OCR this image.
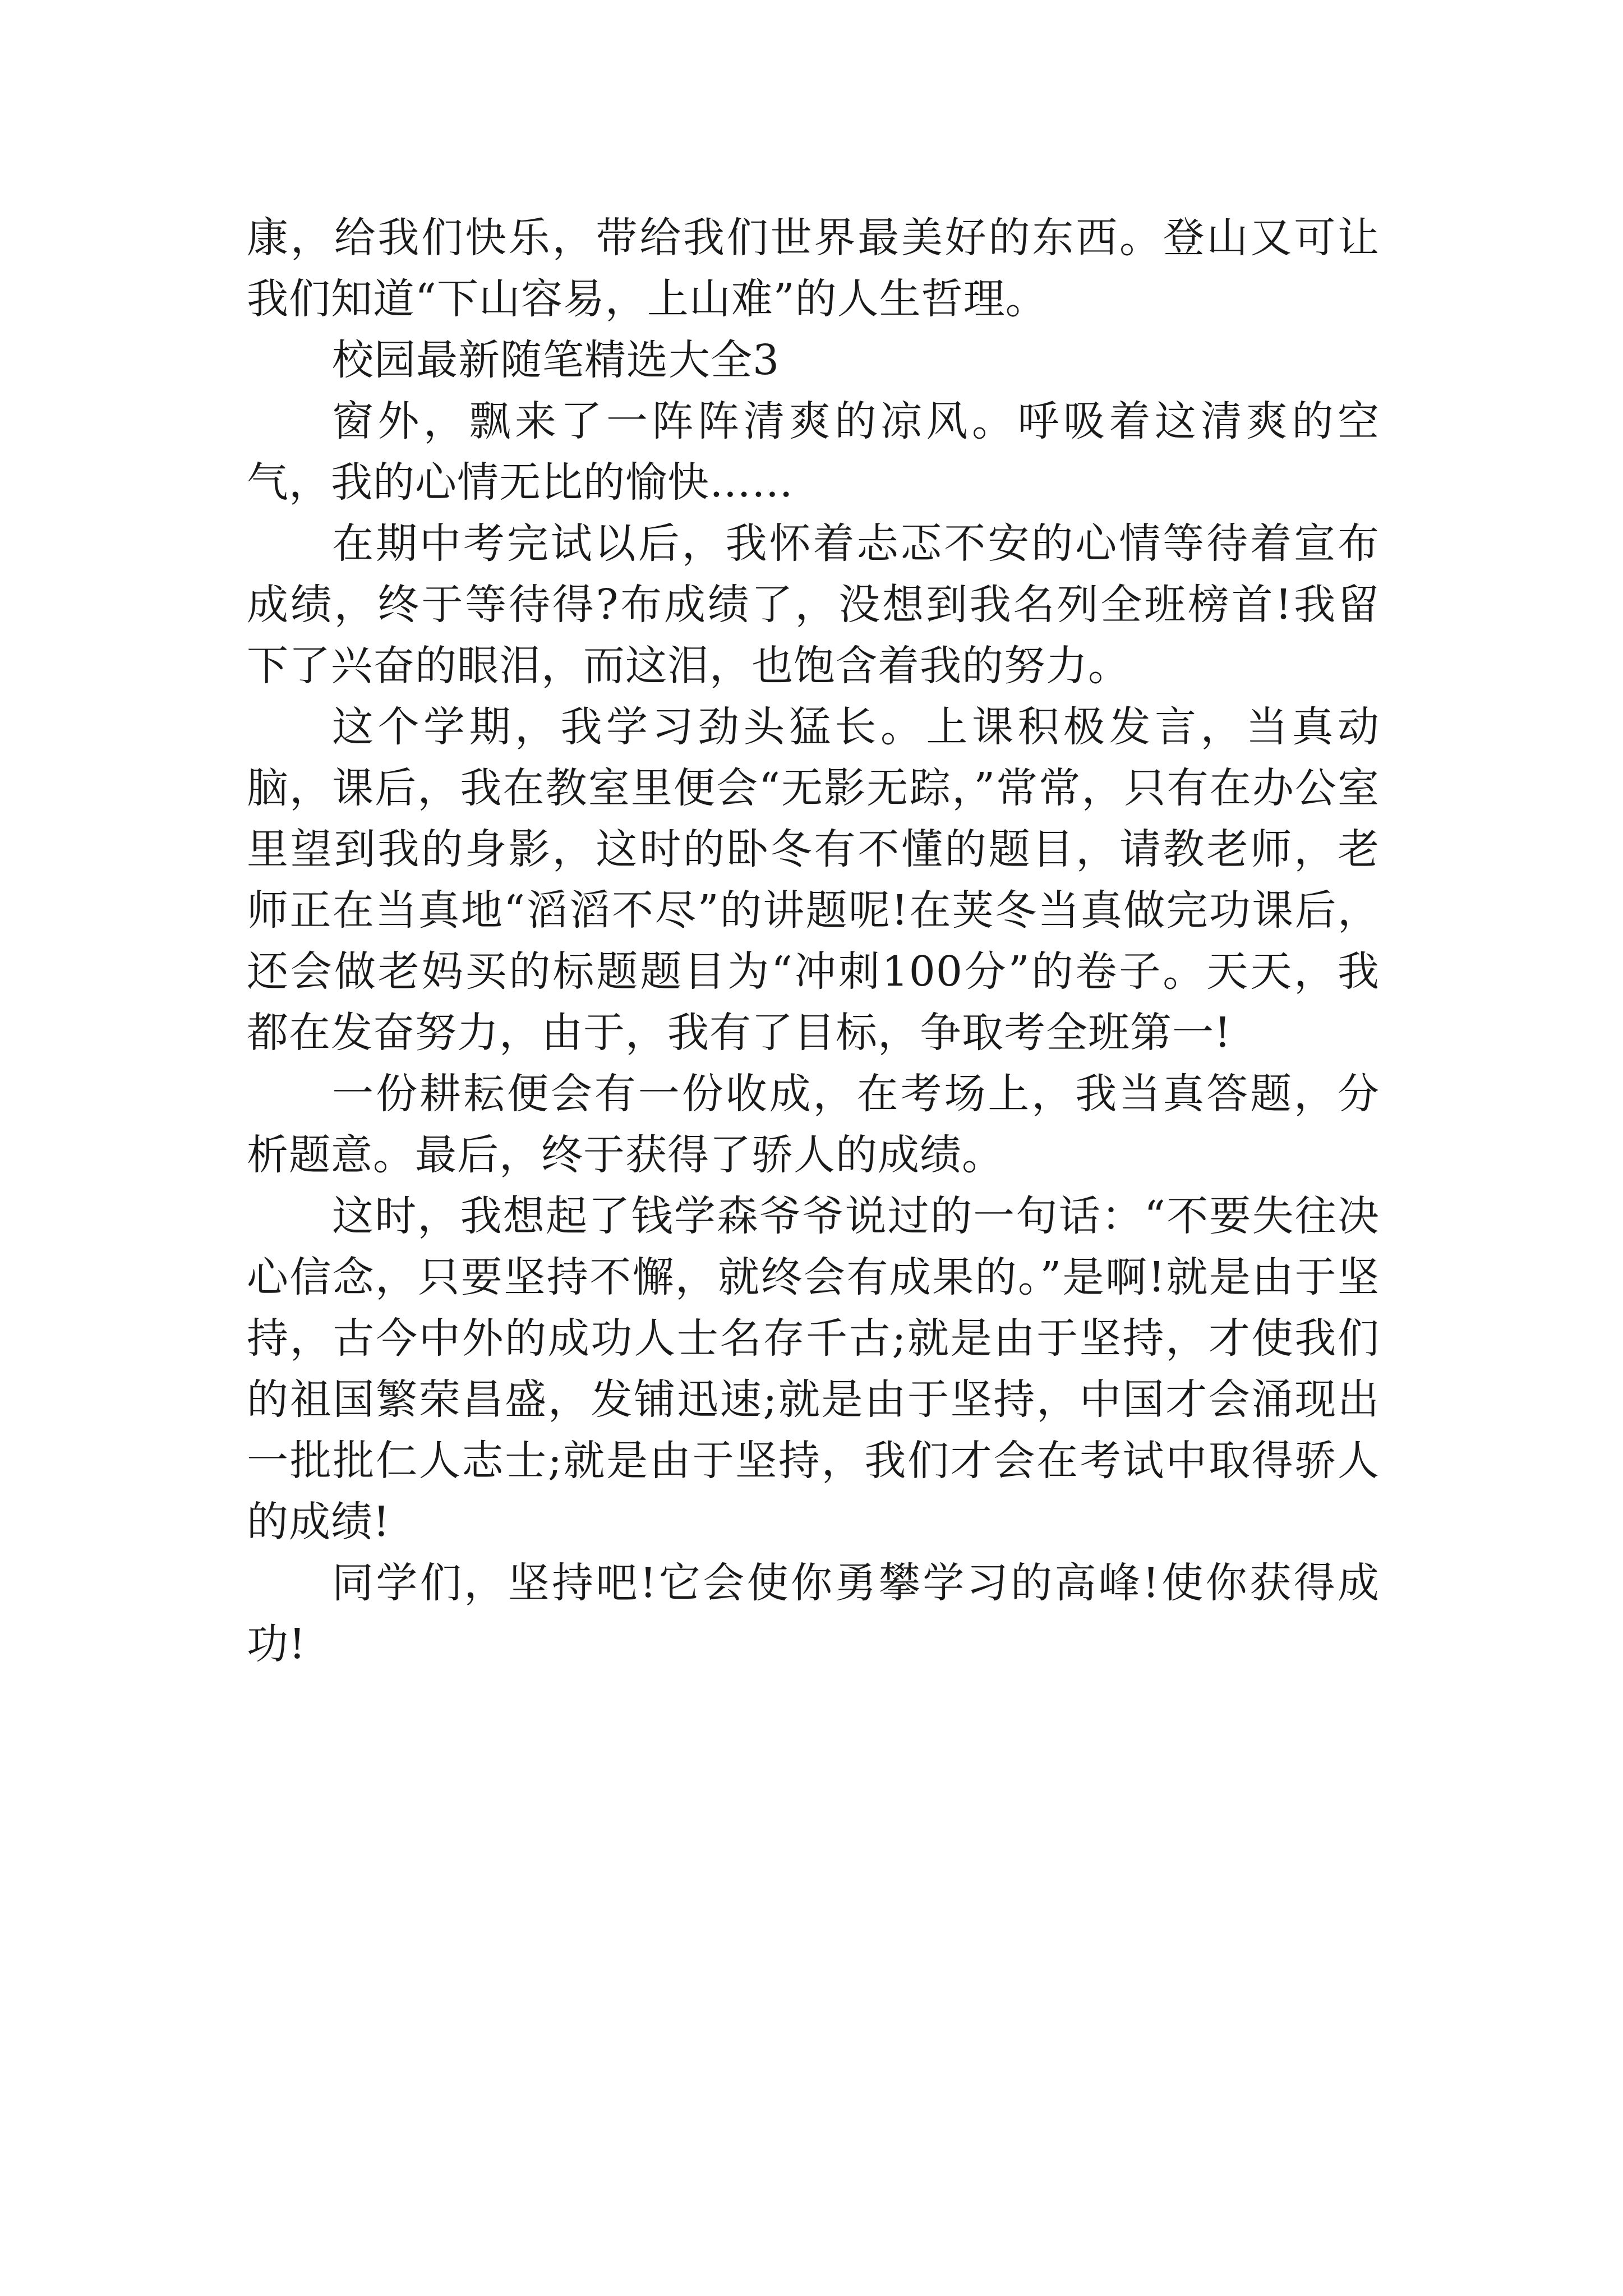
康，给我们快乐，带给我们世界最美好的东西。登山又可让我们知道“下山容易，上山难”的人生哲理。

校园最新随笔精选大全3

窗外，飘来了一阵阵清爽的凉风。呼吸着这清爽的空气，我的心情无比的愉快……

在期中考完试以后，我怀着忐忑不安的心情等待着宣布成绩，终于等待得?布成绩了，没想到我名列全班榜首!我留下了兴奋的眼泪，而这泪，也饱含着我的努力。

这个学期，我学习劲头猛长。上课积极发言，当真动脑，课后，我在教室里便会“无影无踪，”常常，只有在办公室里望到我的身影，这时的卧冬有不懂的题目，请教老师，老师正在当真地“滔滔不尽”的讲题呢!在荚冬当真做完功课后，还会做老妈买的标题题目为“冲刺100分”的卷子。天天，我都在发奋努力，由于，我有了目标，争取考全班第一!

一份耕耘便会有一份收成，在考场上，我当真答题，分析题意。最后，终于获得了骄人的成绩。

这时，我想起了钱学森爷爷说过的一句话：“不要失往决心信念，只要坚持不懈，就终会有成果的。”是啊!就是由于坚持，古今中外的成功人士名存千古;就是由于坚持，才使我们的祖国繁荣昌盛，发铺迅速;就是由于坚持，中国才会涌现出一批批仁人志士;就是由于坚持，我们才会在考试中取得骄人的成绩!

同学们，坚持吧!它会使你勇攀学习的高峰!使你获得成功!
